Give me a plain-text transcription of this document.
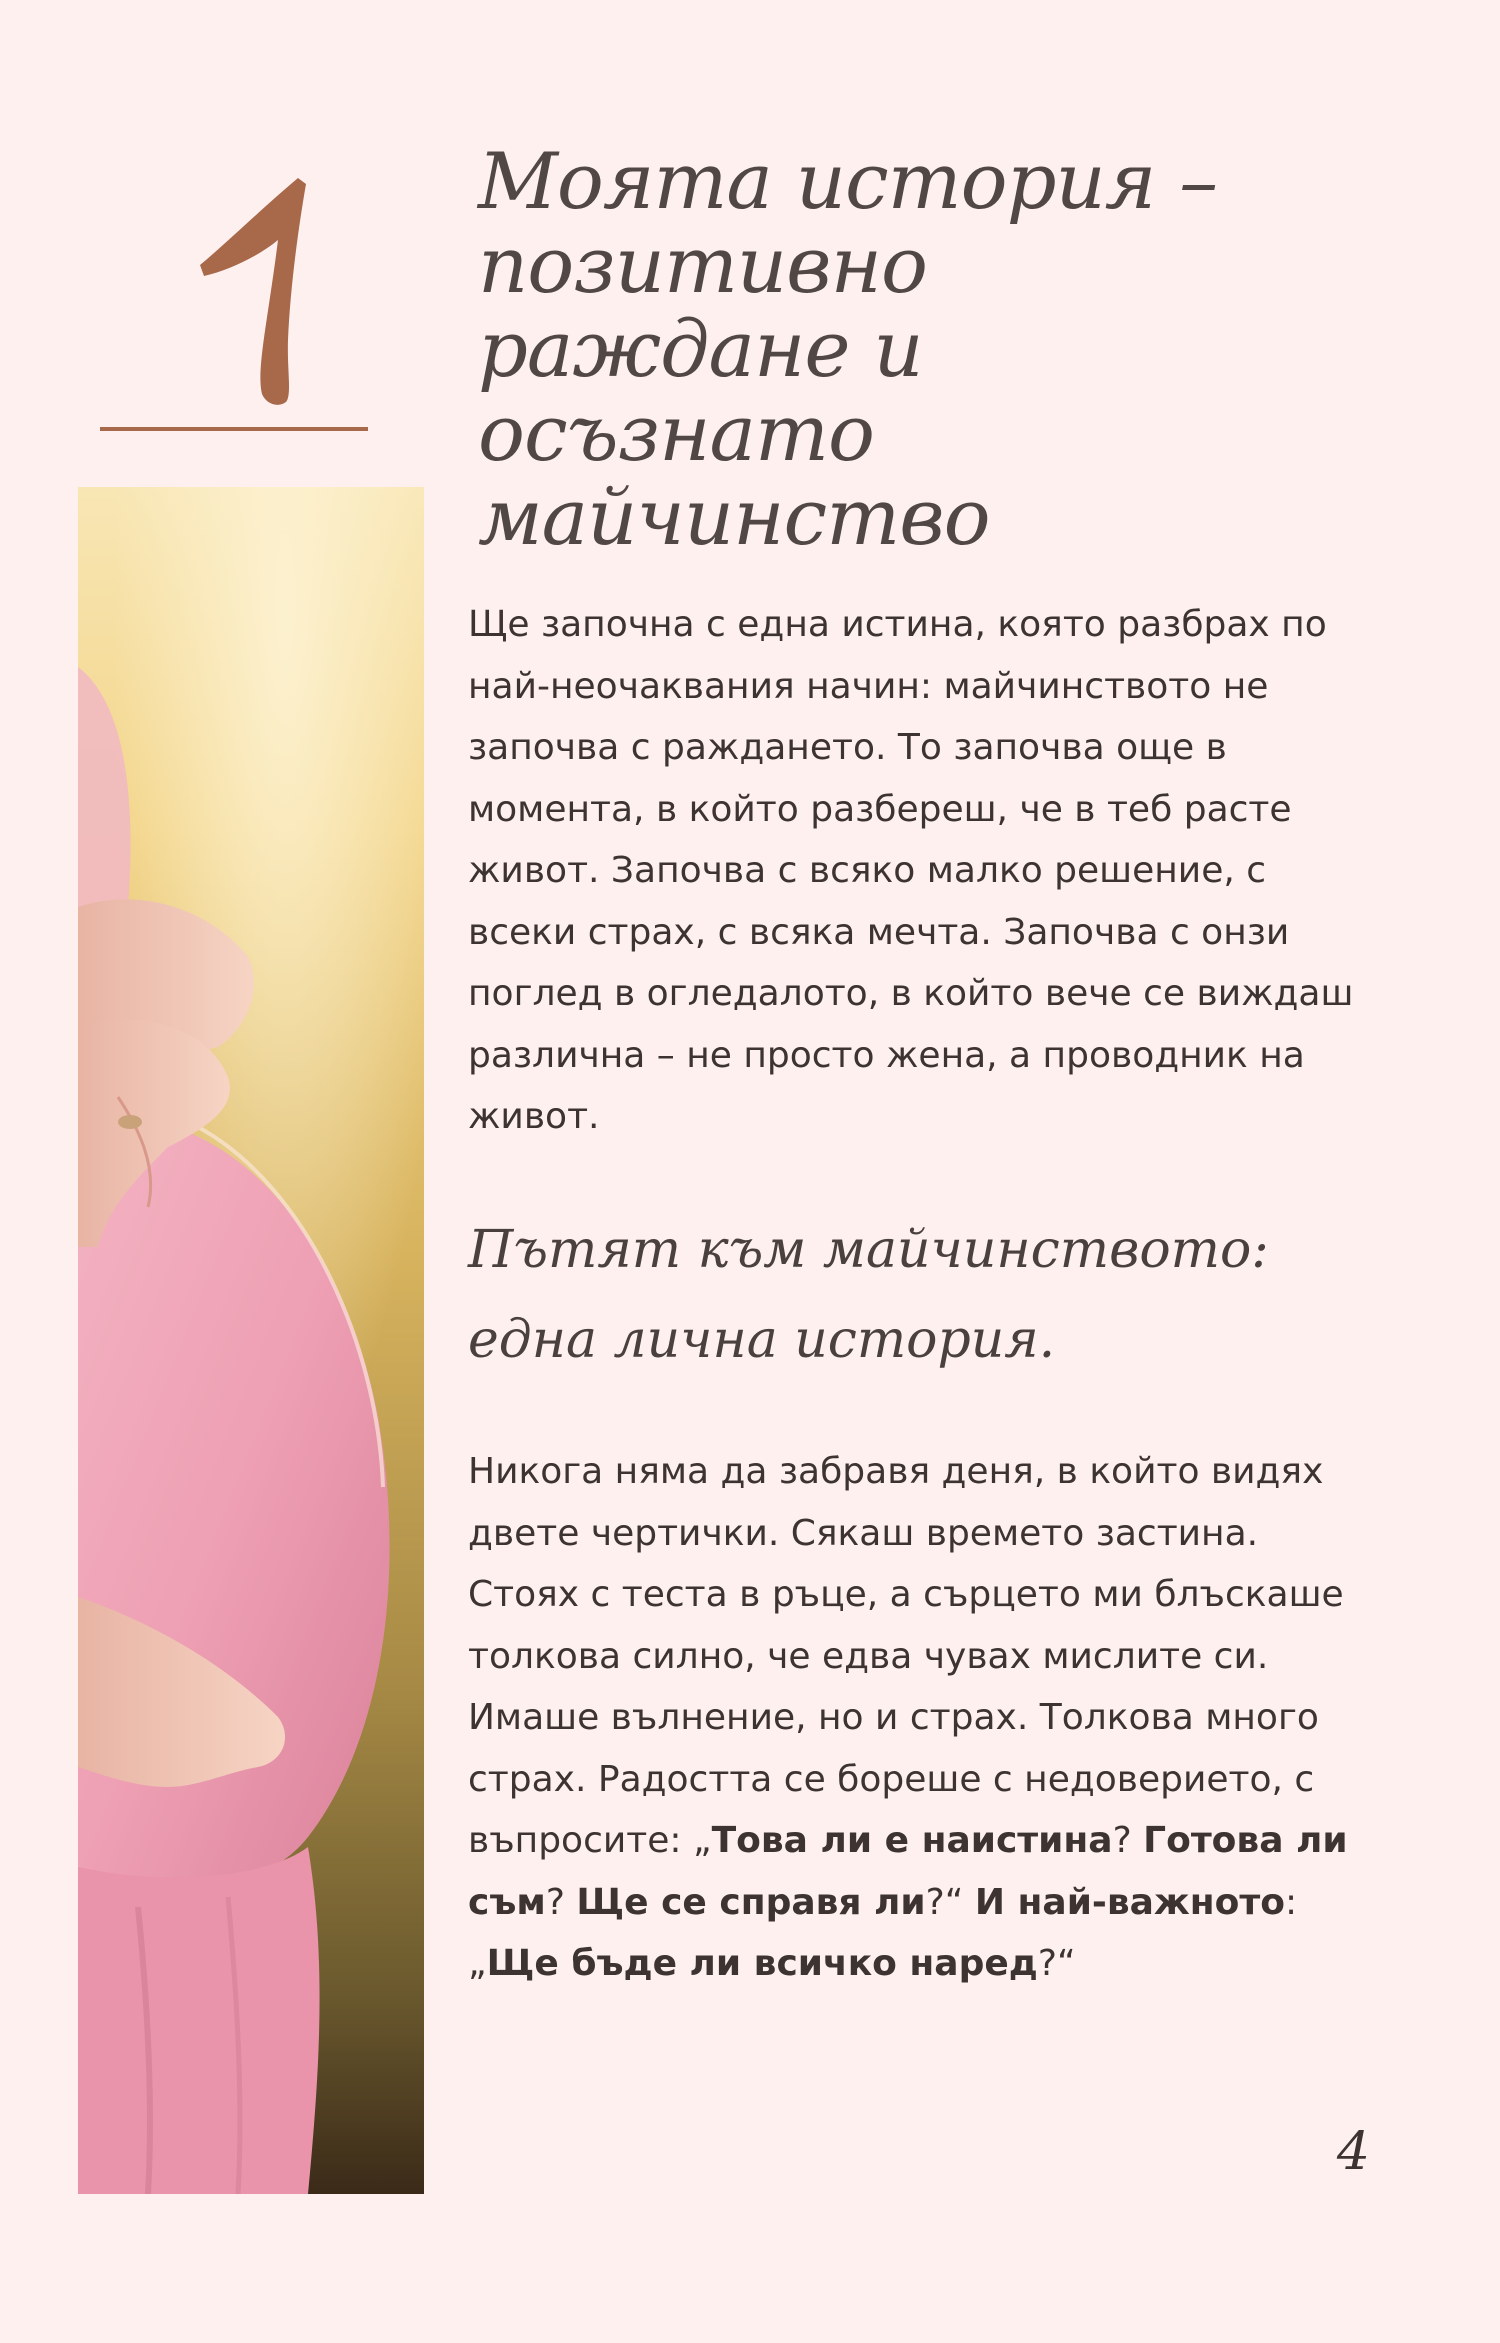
Моята история – позитивно раждане и осъзнато майчинство

Ще започна с една истина, която разбрах по най-неочаквания начин: майчинството не започва с раждането. То започва още в момента, в който разбереш, че в теб расте живот. Започва с всяко малко решение, с всеки страх, с всяка мечта. Започва с онзи поглед в огледалото, в който вече се виждаш различна – не просто жена, а проводник на живот.

Пътят към майчинството: една лична история.

Никога няма да забравя деня, в който видях двете чертички. Сякаш времето застина. Стоях с теста в ръце, а сърцето ми блъскаше толкова силно, че едва чувах мислите си. Имаше вълнение, но и страх. Толкова много страх. Радостта се бореше с недоверието, с въпросите: „Това ли е наистина? Готова ли съм? Ще се справя ли?“ И най-важното: „Ще бъде ли всичко наред?“

4
